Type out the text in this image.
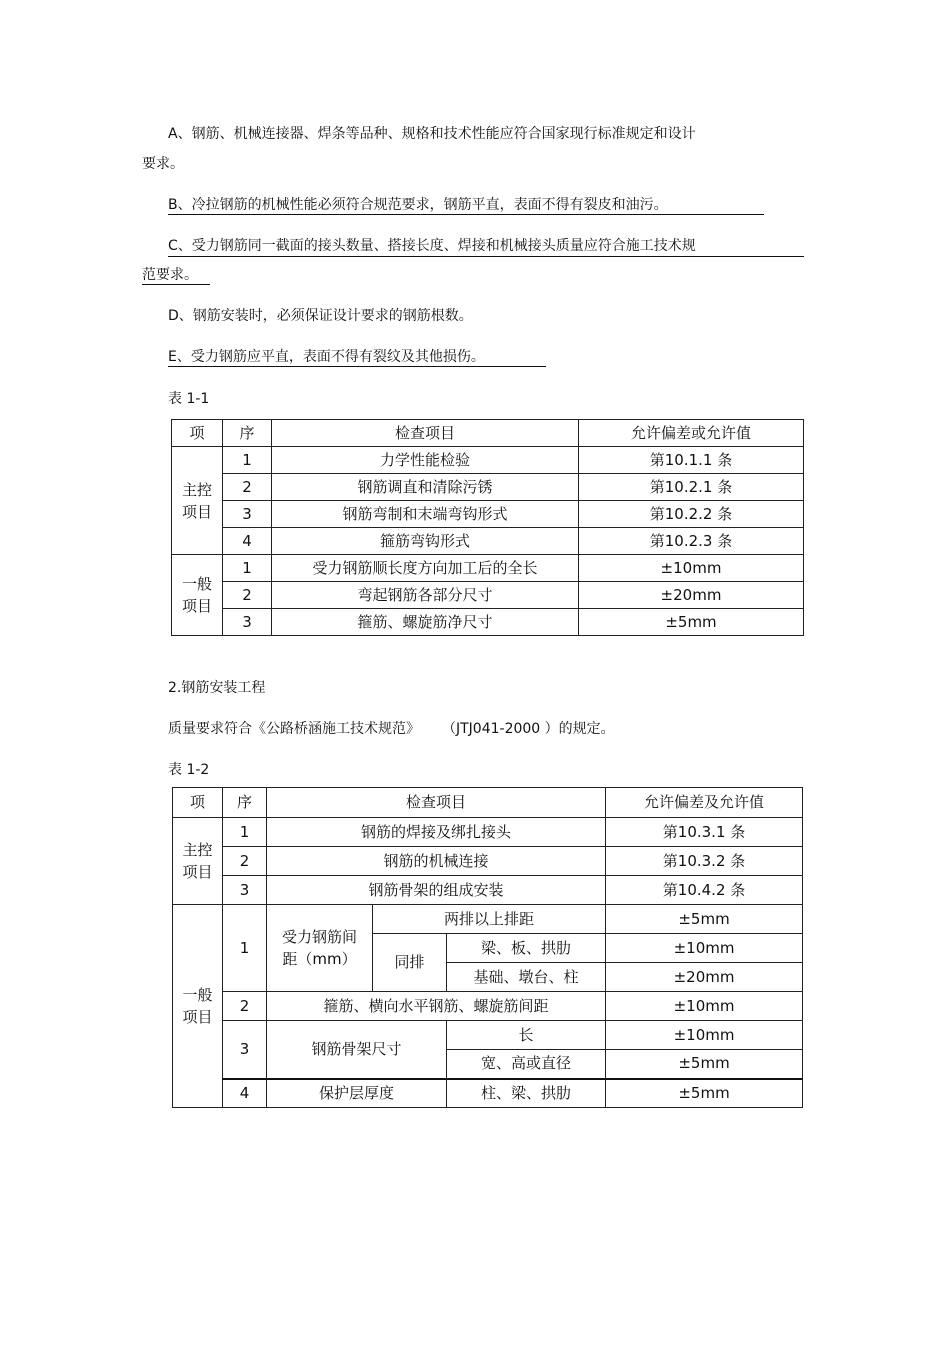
A、钢筋、机械连接器、焊条等品种、规格和技术性能应符合国家现行标准规定和设计
要求。
B、冷拉钢筋的机械性能必须符合规范要求，钢筋平直，表面不得有裂皮和油污。
C、受力钢筋同一截面的接头数量、搭接长度、焊接和机械接头质量应符合施工技术规
范要求。
D、钢筋安装时，必须保证设计要求的钢筋根数。
E、受力钢筋应平直，表面不得有裂纹及其他损伤。
表 1-1
项	序	检查项目	允许偏差或允许值
主控
项目	1	力学性能检验	第10.1.1 条
	2	钢筋调直和清除污锈	第10.2.1 条
	3	钢筋弯制和末端弯钩形式	第10.2.2 条
	4	箍筋弯钩形式	第10.2.3 条
一般
项目	1	受力钢筋顺长度方向加工后的全长	±10mm
	2	弯起钢筋各部分尺寸	±20mm
	3	箍筋、螺旋筋净尺寸	±5mm
2.钢筋安装工程
质量要求符合《公路桥涵施工技术规范》 （JTJ041-2000 ）的规定。
表 1-2
项	序	检查项目			允许偏差及允许值
主控
项目	1	钢筋的焊接及绑扎接头			第10.3.1 条
	2	钢筋的机械连接			第10.3.2 条
	3	钢筋骨架的组成安装			第10.4.2 条
一般
项目	1	受力钢筋间
距（mm）	两排以上排距		±5mm
			同排	梁、板、拱肋	±10mm
				基础、墩台、柱	±20mm
	2	箍筋、横向水平钢筋、螺旋筋间距			±10mm
	3	钢筋骨架尺寸		长	±10mm
				宽、高或直径	±5mm
	4	保护层厚度		柱、梁、拱肋	±5mm
